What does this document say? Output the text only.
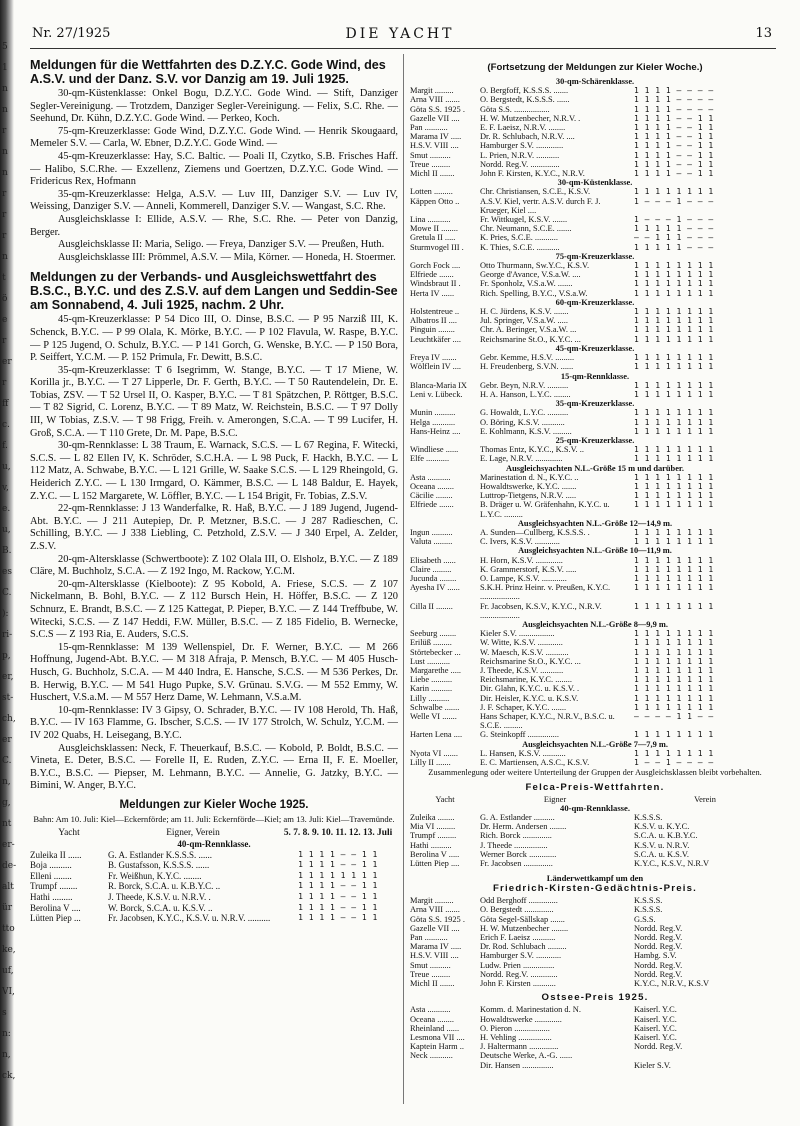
5
1
n
n
r
n
n
r
r
r
n
t
ö
e
r
er
r
ff
c.
f.
u,
v,
e.
u,
B.
es
C.
):
ri-
p,
er,
st-
ch,
er
C.
n,
g,
nt
er-
de-
alt
ür
tto
ke,
uf,
VI,
s
n:
n,
ck,
Nr. 27/1925	DIE YACHT	13
Meldungen für die Wettfahrten des D.Z.Y.C. Gode Wind, des A.S.V. und der Danz. S.V. vor Danzig am 19. Juli 1925.

30-qm-Küstenklasse: Onkel Bogu, D.Z.Y.C. Gode Wind. — Stift, Danziger Segler-Vereinigung. — Trotzdem, Danziger Segler-Vereinigung. — Felix, S.C. Rhe. — Seehund, Dr. Kühn, D.Z.Y.C. Gode Wind. — Perkeo, Koch.

75-qm-Kreuzerklasse: Gode Wind, D.Z.Y.C. Gode Wind. — Henrik Skougaard, Memeler S.V. — Carla, W. Ebner, D.Z.Y.C. Gode Wind. —

45-qm-Kreuzerklasse: Hay, S.C. Baltic. — Poali II, Czytko, S.B. Frisches Haff. — Halibo, S.C.Rhe. — Exzellenz, Ziemens und Goertzen, D.Z.Y.C. Gode Wind. — Fridericus Rex, Hofmann

35-qm-Kreuzerklasse: Helga, A.S.V. — Luv III, Danziger S.V. — Luv IV, Weissing, Danziger S.V. — Anneli, Kommerell, Danziger S.V. — Wangast, S.C. Rhe.

Ausgleichsklasse I: Ellide, A.S.V. — Rhe, S.C. Rhe. — Peter von Danzig, Berger.

Ausgleichsklasse II: Maria, Seligo. — Freya, Danziger S.V. — Preußen, Huth.

Ausgleichsklasse III: Prömmel, A.S.V. — Mila, Körner. — Honeda, H. Stoermer.

Meldungen zu der Verbands- und Ausgleichswettfahrt des B.S.C., B.Y.C. und des Z.S.V. auf dem Langen und Seddin-See am Sonnabend, 4. Juli 1925, nachm. 2 Uhr.

45-qm-Kreuzerklasse: P 54 Dico III, O. Dinse, B.S.C. — P 95 Narziß III, K. Schenck, B.Y.C. — P 99 Olala, K. Mörke, B.Y.C. — P 102 Flavula, W. Raspe, B.Y.C. — P 125 Jugend, O. Schulz, B.Y.C. — P 141 Gorch, G. Wenske, B.Y.C. — P 150 Bora, P. Seiffert, Y.C.M. — P. 152 Primula, Fr. Dewitt, B.S.C.

35-qm-Kreuzerklasse: T 6 Isegrimm, W. Stange, B.Y.C. — T 17 Miene, W. Korilla jr., B.Y.C. — T 27 Lipperle, Dr. F. Gerth, B.Y.C. — T 50 Rautendelein, Dr. E. Tobias, ZSV. — T 52 Ursel II, O. Kasper, B.Y.C. — T 81 Spätzchen, P. Röttger, B.S.C. — T 82 Sigrid, C. Lorenz, B.Y.C. — T 89 Matz, W. Reichstein, B.S.C. — T 97 Dolly III, W Tobias, Z.S.V. — T 98 Frigg, Freih. v. Amerongen, S.C.A. — T 99 Lucifer, H. Groß, S.C.A. — T 110 Grete, Dr. M. Pape, B.S.C.

30-qm-Rennklasse: L 38 Traum, E. Warnack, S.C.S. — L 67 Regina, F. Witecki, S.C.S. — L 82 Ellen IV, K. Schröder, S.C.H.A. — L 98 Puck, F. Hackh, B.Y.C. — L 112 Matz, A. Schwabe, B.Y.C. — L 121 Grille, W. Saake S.C.S. — L 129 Rheingold, G. Heiderich Z.Y.C. — L 130 Irmgard, O. Kämmer, B.S.C. — L 148 Baldur, E. Hayek, Z.Y.C. — L 152 Margarete, W. Löffler, B.Y.C. — L 154 Brigit, Fr. Tobias, Z.S.V.

22-qm-Rennklasse: J 13 Wanderfalke, R. Haß, B.Y.C. — J 189 Jugend, Jugend-Abt. B.Y.C. — J 211 Autepiep, Dr. P. Metzner, B.S.C. — J 287 Radieschen, C. Schilling, B.Y.C. — J 338 Liebling, C. Petzhold, Z.S.V. — J 340 Erpel, A. Zelder, Z.S.V.

20-qm-Altersklasse (Schwertboote): Z 102 Olala III, O. Elsholz, B.Y.C. — Z 189 Cläre, M. Buchholz, S.C.A. — Z 192 Ingo, M. Rackow, Y.C.M.

20-qm-Altersklasse (Kielboote): Z 95 Kobold, A. Friese, S.C.S. — Z 107 Nickelmann, B. Bohl, B.Y.C. — Z 112 Bursch Hein, H. Höffer, B.S.C. — Z 120 Schnurz, E. Brandt, B.S.C. — Z 125 Kattegat, P. Pieper, B.Y.C. — Z 144 Treffbube, W. Witecki, S.C.S. — Z 147 Heddi, F.W. Müller, B.S.C. — Z 185 Fidelio, B. Wernecke, S.C.S — Z 193 Ria, E. Auders, S.C.S.

15-qm-Rennklasse: M 139 Wellenspiel, Dr. F. Werner, B.Y.C. — M 266 Hoffnung, Jugend-Abt. B.Y.C. — M 318 Afraja, P. Mensch, B.Y.C. — M 405 Husch-Husch, G. Buchholz, S.C.A. — M 440 Indra, E. Hansche, S.C.S. — M 536 Perkes, Dr. B. Herwig, B.Y.C. — M 541 Hugo Pupke, S.V. Grünau. S.V.G. — M 552 Emmy, W. Huschert, V.S.a.M. — M 557 Herz Dame, W. Lehmann, V.S.a.M.

10-qm-Rennklasse: IV 3 Gipsy, O. Schrader, B.Y.C. — IV 108 Herold, Th. Haß, B.Y.C. — IV 163 Flamme, G. Ibscher, S.C.S. — IV 177 Strolch, W. Schulz, Y.C.M. — IV 202 Quabs, H. Leisegang, B.Y.C.

Ausgleichsklassen: Neck, F. Theuerkauf, B.S.C. — Kobold, P. Boldt, B.S.C. — Vineta, E. Deter, B.S.C. — Forelle II, E. Ruden, Z.Y.C. — Erna II, F. E. Moeller, B.Y.C., B.S.C. — Piepser, M. Lehmann, B.Y.C. — Annelie, G. Jatzky, B.Y.C. — Bimini, W. Anger, B.Y.C.

Meldungen zur Kieler Woche 1925.
Bahn: Am 10. Juli: Kiel—Eckernförde; am 11. Juli: Eckernförde—Kiel; am 13. Juli: Kiel—Travemünde.
Yacht	Eigner, Verein	5. 7. 8. 9. 10. 11. 12. 13. Juli
40-qm-Rennklasse.		
Zuleika II ......	G. A. Estlander K.S.S.S. ......	1 1 1 1 — — 1 1
Boja ..........	B. Gustafsson, K.S.S.S. ......	1 1 1 1 — — 1 1
Elleni ........	Fr. Weißhun, K.Y.C. ........	1 1 1 1 1 1 1 1
Trumpf ........	R. Borck, S.C.A. u. K.B.Y.C. ..	1 1 1 1 — — 1 1
Hathi .........	J. Theede, K.S.V. u. N.R.V. .	1 1 1 1 — — 1 1
Berolina V ....	W. Borck, S.C.A. u. K.S.V. ..	1 1 1 1 — — 1 1
Lütten Piep ...	Fr. Jacobsen, K.Y.C., K.S.V. u. N.R.V. ..........	1 1 1 1 — — 1 1
(Fortsetzung der Meldungen zur Kieler Woche.)
30-qm-Schärenklasse.		
Margit .........	O. Bergfoff, K.S.S.S. .......	1 1 1 1 — — — —
Arna VIII .......	O. Bergstedt, K.S.S.S. ......	1 1 1 1 — — — —
Göta S.S. 1925 .	Göta S.S. .................	1 1 1 1 — — — —
Gazelle VII ....	H. W. Mutzenbecher, N.R.V. .	1 1 1 1 — — 1 1
Pan ...........	E. F. Laeisz, N.R.V. ........	1 1 1 1 — — 1 1
Marama IV .....	Dr. R. Schlubach, N.R.V. ....	1 1 1 1 — — 1 1
H.S.V. VIII ....	Hamburger S.V. .............	1 1 1 1 — — 1 1
Smut ..........	L. Prien, N.R.V. ...........	1 1 1 1 — — 1 1
Treue .........	Nordd. Reg.V. ..............	1 1 1 1 — — 1 1
Michl II .......	John F. Kirsten, K.Y.C., N.R.V.	1 1 1 1 — — 1 1
30-qm-Küstenklasse.		
Lotten .........	Chr. Christiansen, S.C.E., K.S.V.	1 1 1 1 1 1 1 1
Käppen Otto ..	A.S.V. Kiel, vertr. A.S.V. durch F. J. Krueger, Kiel ....	1 — — — 1 — — —
Lina ...........	Fr. Wittkugel, K.S.V. .......	1 — — — 1 — — —
Mowe II ........	Chr. Neumann, S.C.E. .......	1 1 1 1 1 — — —
Gretula II .....	K. Pries, S.C.E. ...........	— — 1 1 1 — — —
Sturmvogel III .	K. Thies, S.C.E. ...........	1 1 1 1 1 — — —
75-qm-Kreuzerklasse.		
Gorch Fock ....	Otto Thurmann, Sw.Y.C., K.S.V.	1 1 1 1 1 1 1 1
Elfriede .......	George d'Avance, V.S.a.W. ....	1 1 1 1 1 1 1 1
Windsbraut II .	Fr. Sponholz, V.S.a.W. .......	1 1 1 1 1 1 1 1
Herta IV ......	Rich. Spelling, B.Y.C., V.S.a.W.	1 1 1 1 1 1 1 1
60-qm-Kreuzerklasse.		
Holstentreue ..	H. C. Jürdens, K.S.V. .......	1 1 1 1 1 1 1 1
Albatros II ....	Jul. Springer, V.S.a.W. .....	1 1 1 1 1 1 1 1
Pinguin ........	Chr. A. Beringer, V.S.a.W. ...	1 1 1 1 1 1 1 1
Leuchtkäfer ....	Reichsmarine St.O., K.Y.C. ...	1 1 1 1 1 1 1 1
45-qm-Kreuzerklasse.		
Freya IV .......	Gebr. Kemme, H.S.V. .........	1 1 1 1 1 1 1 1
Wölflein IV ....	H. Freudenberg, S.V.N. ......	1 1 1 1 1 1 1 1
15-qm-Rennklasse.		
Blanca-Maria IX	Gebr. Beyn, N.R.V. ..........	1 1 1 1 1 1 1 1
Leni v. Lübeck.	H. A. Hanson, L.Y.C. ........	1 1 1 1 1 1 1 1
35-qm-Kreuzerklasse.		
Munin ..........	G. Howaldt, L.Y.C. ..........	1 1 1 1 1 1 1 1
Helga ...........	O. Böring, K.S.V. ...........	1 1 1 1 1 1 1 1
Hans-Heinz ....	E. Kohlmann, K.S.V. .........	1 1 1 1 1 1 1 1
25-qm-Kreuzerklasse.		
Windliese ......	Thomas Entz, K.Y.C., K.S.V. ..	1 1 1 1 1 1 1 1
Elfe ...........	E. Lage, N.R.V. .............	1 1 1 1 1 1 1 1
Ausgleichsyachten N.L.-Größe 15 m und darüber.		
Asta ...........	Marinestation d. N., K.Y.C. ..	1 1 1 1 1 1 1 1
Oceana ........	Howaldtswerke, K.Y.C. .......	1 1 1 1 1 1 1 1
Cäcilie ........	Luttrop-Tietgens, N.R.V. .....	1 1 1 1 1 1 1 1
Elfriede .......	B. Dräger u. W. Gräfenhahn, K.Y.C. u. L.Y.C. .........	1 1 1 1 1 1 1 1
Ausgleichsyachten N.L.-Größe 12—14,9 m.		
Ingun ..........	A. Sunden—Cullberg, K.S.S.S. .	1 1 1 1 1 1 1 1
Valuta .........	C. Ivers, K.S.V. ............	1 1 1 1 1 1 1 1
Ausgleichsyachten N.L.-Größe 10—11,9 m.		
Elisabeth ......	H. Horn, K.S.V. .............	1 1 1 1 1 1 1 1
Claire .........	K. Grammerstorf, K.S.V. .....	1 1 1 1 1 1 1 1
Jucunda ........	O. Lampe, K.S.V. ............	1 1 1 1 1 1 1 1
Ayesha IV ......	S.K.H. Prinz Heinr. v. Preußen, K.Y.C. ...................	1 1 1 1 1 1 1 1
Cilla II ........	Fr. Jacobsen, K.S.V., K.Y.C., N.R.V. ...................	1 1 1 1 1 1 1 1
Ausgleichsyachten N.L.-Größe 8—9,9 m.		
Seeburg ........	Kieler S.V. .................	1 1 1 1 1 1 1 1
Erilüß .........	W. Witte, K.S.V. ............	1 1 1 1 1 1 1 1
Störtebecker ...	W. Maesch, K.S.V. ...........	1 1 1 1 1 1 1 1
Lust ...........	Reichsmarine St.O., K.Y.C. ...	1 1 1 1 1 1 1 1
Margarethe .....	J. Theede, K.S.V. ...........	1 1 1 1 1 1 1 1
Liebe ..........	Reichsmarine, K.Y.C. ........	1 1 1 1 1 1 1 1
Karin ..........	Dir. Glahn, K.Y.C. u. K.S.V. .	1 1 1 1 1 1 1 1
Lilly ..........	Dir. Heisler, K.Y.C. u. K.S.V.	1 1 1 1 1 1 1 1
Schwalbe .......	J. F. Schaper, K.Y.C. .......	1 1 1 1 1 1 1 1
Welle VI .......	Hans Schaper, K.Y.C., N.R.V., B.S.C. u. S.C.E. .........	— — — — 1 1 — —
Harten Lena ....	G. Steinkopff ...............	1 1 1 1 1 1 1 1
Ausgleichsyachten N.L.-Größe 7—7,9 m.		
Nyota VI .......	L. Hansen, K.S.V. ...........	1 1 1 1 1 1 1 1
Lilly II .......	E. C. Martiensen, A.S.C., K.S.V.	1 — — 1 — — — —
Zusammenlegung oder weitere Unterteilung der Gruppen der Ausgleichsklassen bleibt vorbehalten.
Felca-Preis-Wettfahrten.
Yacht	Eigner	Verein
40-qm-Rennklasse.		
Zuleika ........	G. A. Estlander ..........	K.S.S.S.
Mia VI .........	Dr. Herm. Andersen ........	K.S.V. u. K.Y.C.
Trumpf .........	Rich. Borck ..............	S.C.A. u. K.B.Y.C.
Hathi ..........	J. Theede ................	K.S.V. u. N.R.V.
Berolina V .....	Werner Borck .............	S.C.A. u. K.S.V.
Lütten Piep ....	Fr. Jacobsen ..............	K.Y.C., K.S.V., N.R.V
Länderwettkampf um den
Friedrich-Kirsten-Gedächtnis-Preis.
Margit .........	Odd Berghoff ..............	K.S.S.S.
Arna VIII .......	O. Bergstedt ..............	K.S.S.S.
Göta S.S. 1925 .	Göta Segel-Sällskap .......	G.S.S.
Gazelle VII ....	H. W. Mutzenbecher ........	Nordd. Reg.V.
Pan ...........	Erich F. Laeisz ...........	Nordd. Reg.V.
Marama IV .....	Dr. Rod. Schlubach .........	Nordd. Reg.V.
H.S.V. VIII ....	Hamburger S.V. ............	Hambg. S.V.
Smut ..........	Ludw. Prien ...............	Nordd. Reg.V.
Treue .........	Nordd. Reg.V. .............	Nordd. Reg.V.
Michl II .......	John F. Kirsten ...........	K.Y.C., N.R.V., K.S.V
Ostsee-Preis 1925.
Asta ...........	Komm. d. Marinestation d. N.	Kaiserl. Y.C.
Oceana ........	Howaldtswerke .............	Kaiserl. Y.C.
Rheinland ......	O. Pieron .................	Kaiserl. Y.C.
Lesmona VII ....	H. Vehling ................	Kaiserl. Y.C.
Kaptein Harm ..	J. Haltermann ..............	Nordd. Reg.V.
Neck ...........	Deutsche Werke, A.-G. ......	
	Dir. Hansen ...............	Kieler S.V.
